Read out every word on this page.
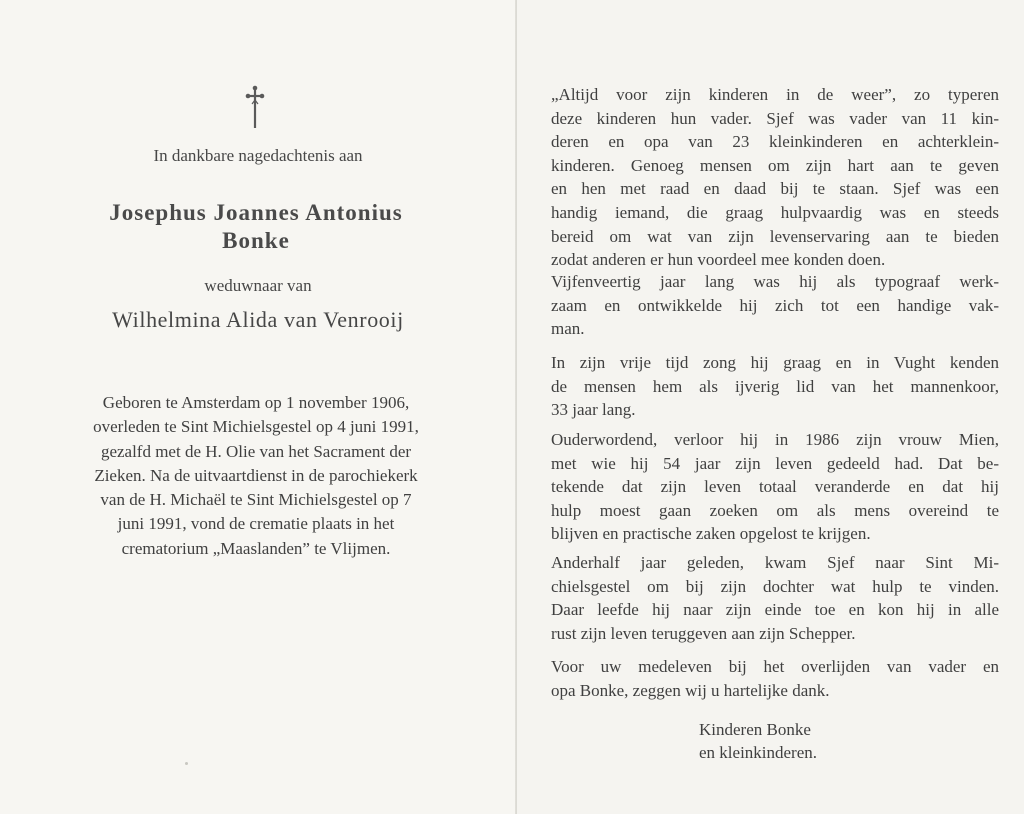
In dankbare nagedachtenis aan
Josephus Joannes Antonius
Bonke
weduwnaar van
Wilhelmina Alida van Venrooij
Geboren te Amsterdam op 1 november 1906,
overleden te Sint Michielsgestel op 4 juni 1991,
gezalfd met de H. Olie van het Sacrament der
Zieken. Na de uitvaartdienst in de parochiekerk
van de H. Michaël te Sint Michielsgestel op 7
juni 1991, vond de crematie plaats in het
crematorium „Maaslanden” te Vlijmen.
„Altijd voor zijn kinderen in de weer”, zo typeren
deze kinderen hun vader. Sjef was vader van 11 kin-
deren en opa van 23 kleinkinderen en achterklein-
kinderen. Genoeg mensen om zijn hart aan te geven
en hen met raad en daad bij te staan. Sjef was een
handig iemand, die graag hulpvaardig was en steeds
bereid om wat van zijn levenservaring aan te bieden
zodat anderen er hun voordeel mee konden doen.
Vijfenveertig jaar lang was hij als typograaf werk-
zaam en ontwikkelde hij zich tot een handige vak-
man.
In zijn vrije tijd zong hij graag en in Vught kenden
de mensen hem als ijverig lid van het mannenkoor,
33 jaar lang.
Ouderwordend, verloor hij in 1986 zijn vrouw Mien,
met wie hij 54 jaar zijn leven gedeeld had. Dat be-
tekende dat zijn leven totaal veranderde en dat hij
hulp moest gaan zoeken om als mens overeind te
blijven en practische zaken opgelost te krijgen.
Anderhalf jaar geleden, kwam Sjef naar Sint Mi-
chielsgestel om bij zijn dochter wat hulp te vinden.
Daar leefde hij naar zijn einde toe en kon hij in alle
rust zijn leven teruggeven aan zijn Schepper.
Voor uw medeleven bij het overlijden van vader en
opa Bonke, zeggen wij u hartelijke dank.
Kinderen Bonke
en kleinkinderen.
